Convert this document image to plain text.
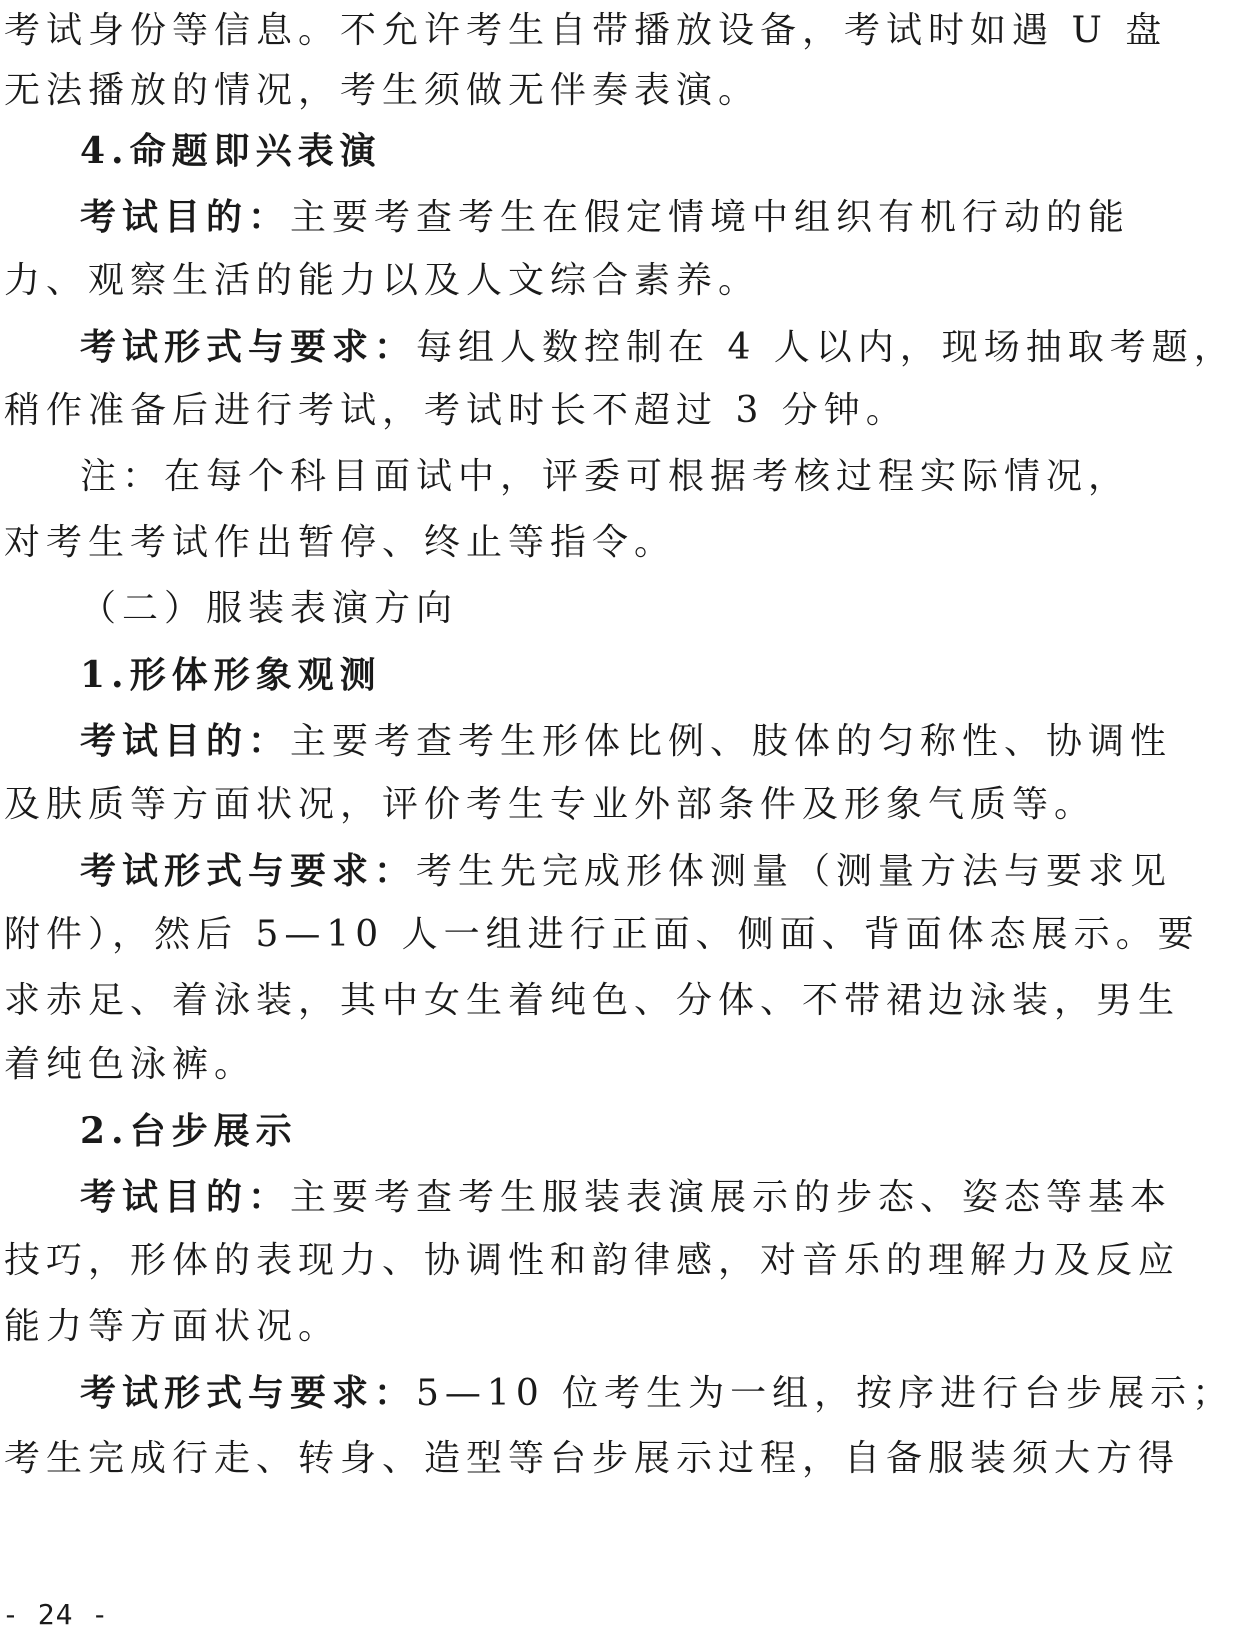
考试身份等信息。不允许考生自带播放设备，考试时如遇 U 盘
无法播放的情况，考生须做无伴奏表演。
4.命题即兴表演
考试目的：主要考查考生在假定情境中组织有机行动的能
力、观察生活的能力以及人文综合素养。
考试形式与要求：每组人数控制在 4 人以内，现场抽取考题，
稍作准备后进行考试，考试时长不超过 3 分钟。
注：在每个科目面试中，评委可根据考核过程实际情况，
对考生考试作出暂停、终止等指令。
（二）服装表演方向
1.形体形象观测
考试目的：主要考查考生形体比例、肢体的匀称性、协调性
及肤质等方面状况，评价考生专业外部条件及形象气质等。
考试形式与要求：考生先完成形体测量（测量方法与要求见
附件），然后 5—10 人一组进行正面、侧面、背面体态展示。要
求赤足、着泳装，其中女生着纯色、分体、不带裙边泳装，男生
着纯色泳裤。
2.台步展示
考试目的：主要考查考生服装表演展示的步态、姿态等基本
技巧，形体的表现力、协调性和韵律感，对音乐的理解力及反应
能力等方面状况。
考试形式与要求：5—10 位考生为一组，按序进行台步展示；
考生完成行走、转身、造型等台步展示过程，自备服装须大方得
- 24 -
